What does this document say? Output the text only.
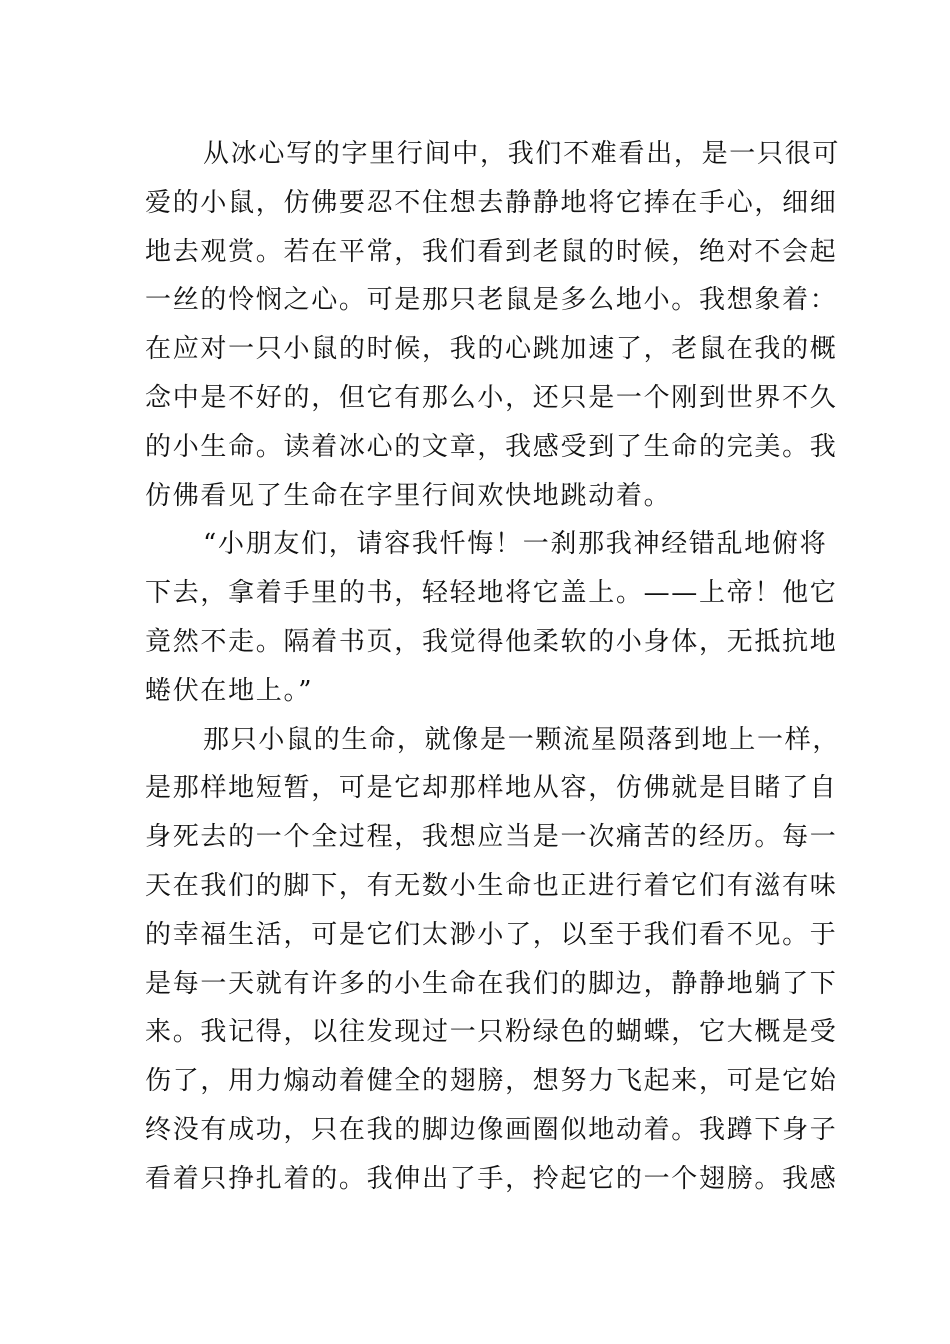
从冰心写的字里行间中，我们不难看出，是一只很可
爱的小鼠，仿佛要忍不住想去静静地将它捧在手心，细细
地去观赏。若在平常，我们看到老鼠的时候，绝对不会起
一丝的怜悯之心。可是那只老鼠是多么地小。我想象着：
在应对一只小鼠的时候，我的心跳加速了，老鼠在我的概
念中是不好的，但它有那么小，还只是一个刚到世界不久
的小生命。读着冰心的文章，我感受到了生命的完美。我
仿佛看见了生命在字里行间欢快地跳动着。
“小朋友们，请容我忏悔！一刹那我神经错乱地俯将
下去，拿着手里的书，轻轻地将它盖上。——上帝！他它
竟然不走。隔着书页，我觉得他柔软的小身体，无抵抗地
蜷伏在地上。”
那只小鼠的生命，就像是一颗流星陨落到地上一样，
是那样地短暂，可是它却那样地从容，仿佛就是目睹了自
身死去的一个全过程，我想应当是一次痛苦的经历。每一
天在我们的脚下，有无数小生命也正进行着它们有滋有味
的幸福生活，可是它们太渺小了，以至于我们看不见。于
是每一天就有许多的小生命在我们的脚边，静静地躺了下
来。我记得，以往发现过一只粉绿色的蝴蝶，它大概是受
伤了，用力煽动着健全的翅膀，想努力飞起来，可是它始
终没有成功，只在我的脚边像画圈似地动着。我蹲下身子
看着只挣扎着的。我伸出了手，拎起它的一个翅膀。我感
